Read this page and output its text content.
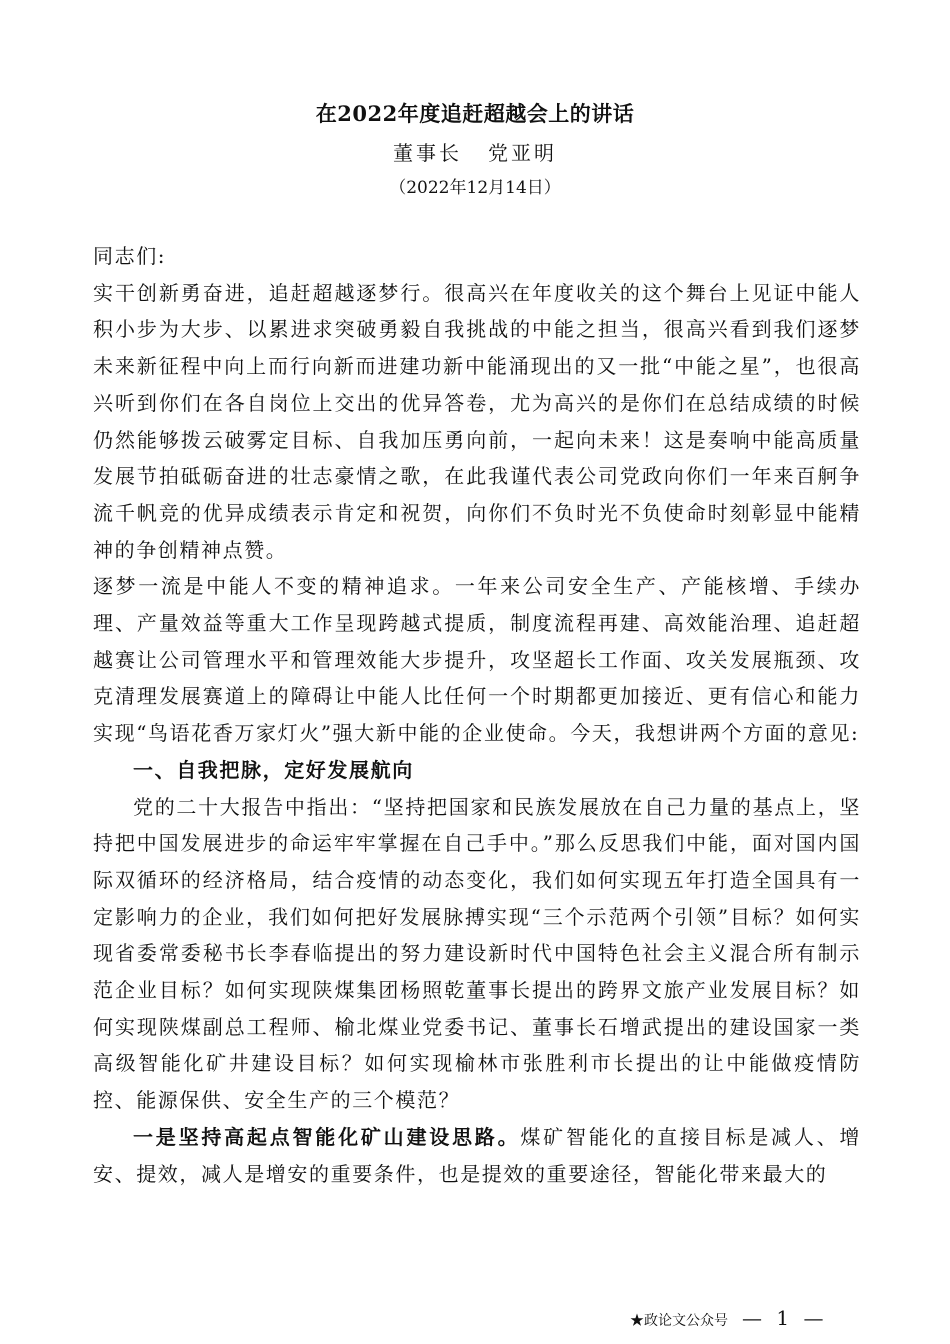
在2022年度追赶超越会上的讲话
董事长 党亚明
（2022年12月14日）

同志们:

实干创新勇奋进，追赶超越逐梦行。很高兴在年度收关的这个舞台上见证中能人积小步为大步、以累进求突破勇毅自我挑战的中能之担当，很高兴看到我们逐梦未来新征程中向上而行向新而进建功新中能涌现出的又一批“中能之星”，也很高兴听到你们在各自岗位上交出的优异答卷，尤为高兴的是你们在总结成绩的时候仍然能够拨云破雾定目标、自我加压勇向前，一起向未来！这是奏响中能高质量发展节拍砥砺奋进的壮志豪情之歌，在此我谨代表公司党政向你们一年来百舸争流千帆竞的优异成绩表示肯定和祝贺，向你们不负时光不负使命时刻彰显中能精神的争创精神点赞。

逐梦一流是中能人不变的精神追求。一年来公司安全生产、产能核增、手续办理、产量效益等重大工作呈现跨越式提质，制度流程再建、高效能治理、追赶超越赛让公司管理水平和管理效能大步提升，攻坚超长工作面、攻关发展瓶颈、攻克清理发展赛道上的障碍让中能人比任何一个时期都更加接近、更有信心和能力实现“鸟语花香万家灯火”强大新中能的企业使命。今天，我想讲两个方面的意见:

一、自我把脉，定好发展航向

党的二十大报告中指出：“坚持把国家和民族发展放在自己力量的基点上，坚持把中国发展进步的命运牢牢掌握在自己手中。”那么反思我们中能，面对国内国际双循环的经济格局，结合疫情的动态变化，我们如何实现五年打造全国具有一定影响力的企业，我们如何把好发展脉搏实现“三个示范两个引领”目标？如何实现省委常委秘书长李春临提出的努力建设新时代中国特色社会主义混合所有制示范企业目标？如何实现陕煤集团杨照乾董事长提出的跨界文旅产业发展目标？如何实现陕煤副总工程师、榆北煤业党委书记、董事长石增武提出的建设国家一类高级智能化矿井建设目标？如何实现榆林市张胜利市长提出的让中能做疫情防控、能源保供、安全生产的三个模范？

一是坚持高起点智能化矿山建设思路。煤矿智能化的直接目标是减人、增安、提效，减人是增安的重要条件，也是提效的重要途径，智能化带来最大的

★政论文公众号 — 1 —
